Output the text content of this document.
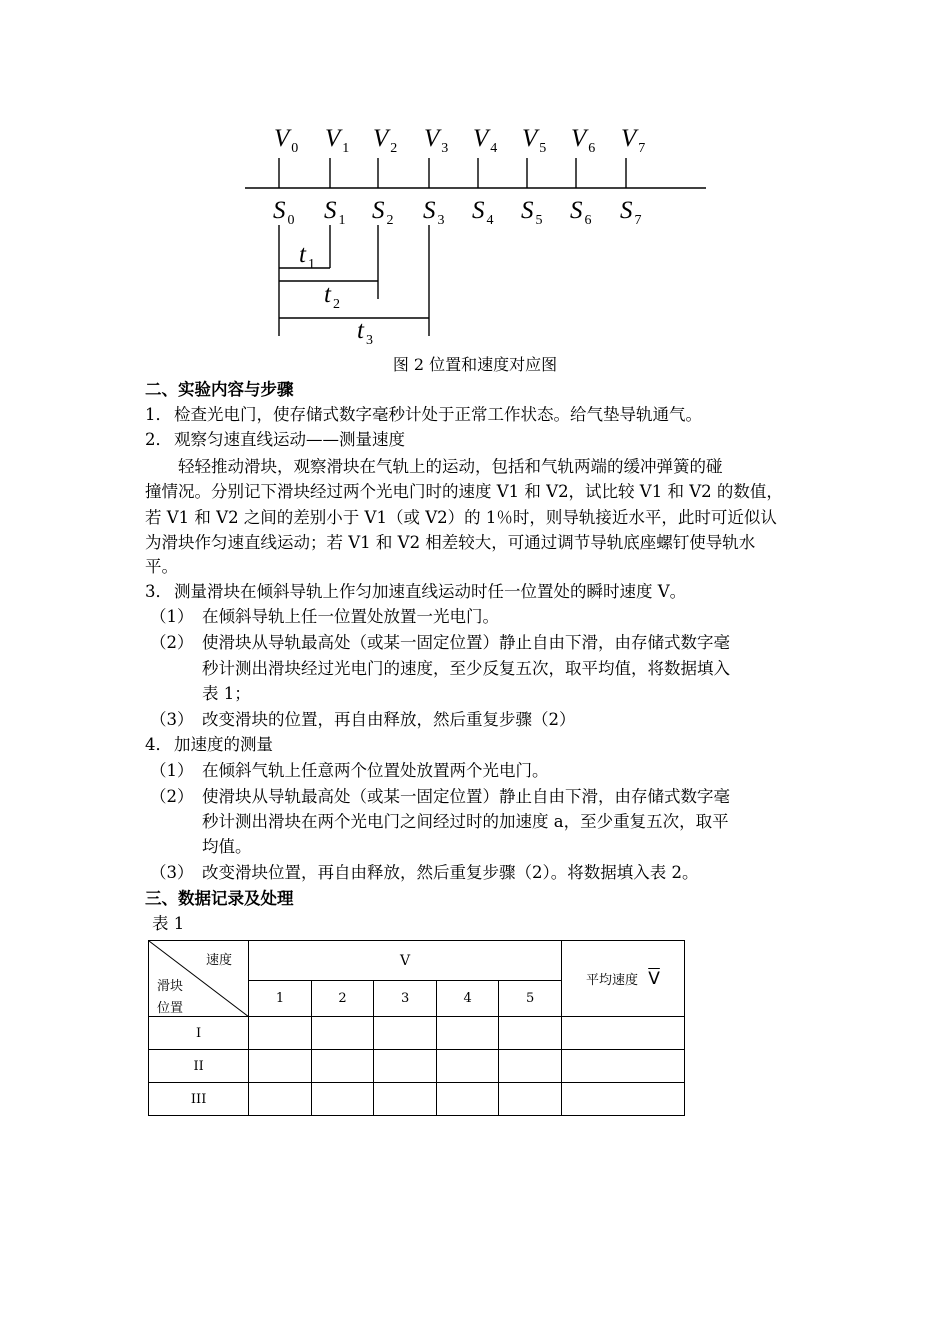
V $_0$ V $_1$ V $_2$ V $_3$ V $_4$ V $_5$ V $_6$ V $_7$
S $_0$ S $_1$ S $_2$ S $_3$ S $_4$ S $_5$ S $_6$ S $_7$
t $_1$
t $_2$
t $_3$
图 2 位置和速度对应图
二、实验内容与步骤
1． 检查光电门，使存储式数字毫秒计处于正常工作状态。给气垫导轨通气。
2． 观察匀速直线运动——测量速度
轻轻推动滑块，观察滑块在气轨上的运动，包括和气轨两端的缓冲弹簧的碰
撞情况。分别记下滑块经过两个光电门时的速度 V1 和 V2，试比较 V1 和 V2 的数值，
若 V1 和 V2 之间的差别小于 V1（或 V2）的 1％时，则导轨接近水平，此时可近似认
为滑块作匀速直线运动；若 V1 和 V2 相差较大，可通过调节导轨底座螺钉使导轨水
平。
3． 测量滑块在倾斜导轨上作匀加速直线运动时任一位置处的瞬时速度 V。
（1） 在倾斜导轨上任一位置处放置一光电门。
（2） 使滑块从导轨最高处（或某一固定位置）静止自由下滑，由存储式数字毫
秒计测出滑块经过光电门的速度，至少反复五次，取平均值，将数据填入
表 1；
（3） 改变滑块的位置，再自由释放，然后重复步骤（2）
4． 加速度的测量
（1） 在倾斜气轨上任意两个位置处放置两个光电门。
（2） 使滑块从导轨最高处（或某一固定位置）静止自由下滑，由存储式数字毫
秒计测出滑块在两个光电门之间经过时的加速度 a，至少重复五次，取平
均值。
（3） 改变滑块位置，再自由释放，然后重复步骤（2）。将数据填入表 2。
三、数据记录及处理
表 1
速度
滑块
位置	V					平均速度 $\overline{V}$
	1	2	3	4	5	
I						
II						
III						
